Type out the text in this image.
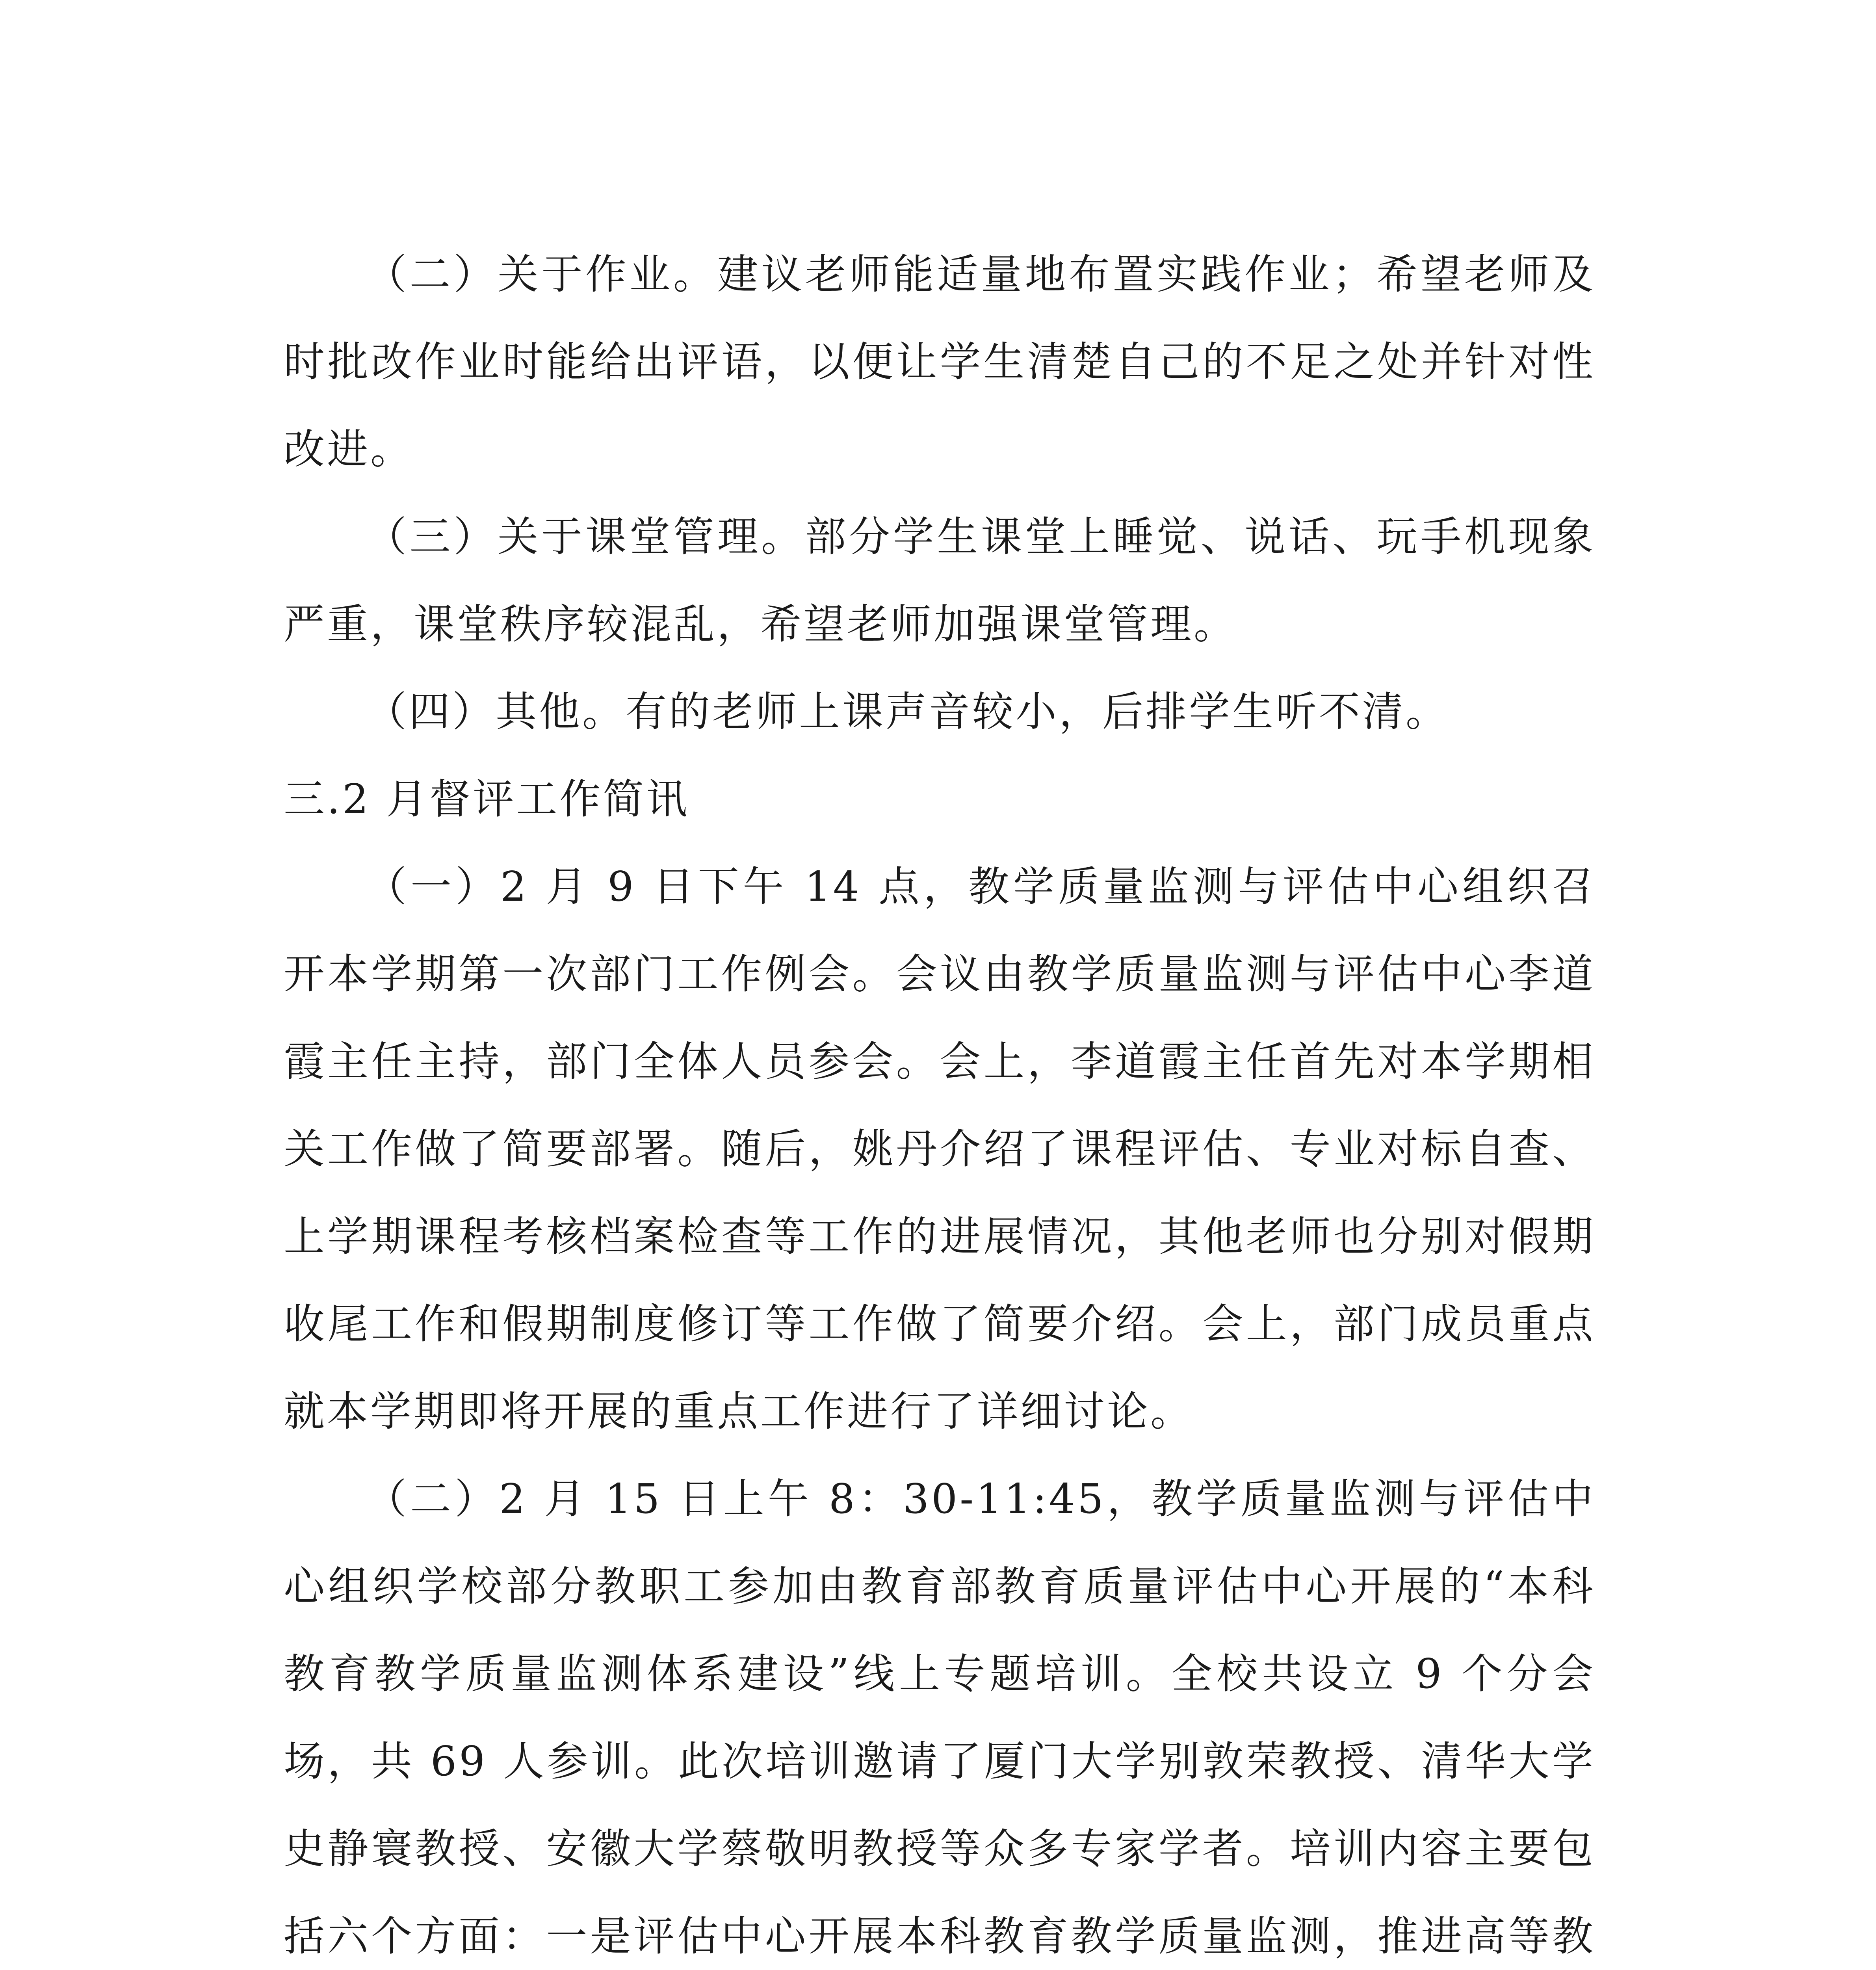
（二）关于作业。建议老师能适量地布置实践作业；希望老师及时批改作业时能给出评语，以便让学生清楚自己的不足之处并针对性改进。

（三）关于课堂管理。部分学生课堂上睡觉、说话、玩手机现象严重，课堂秩序较混乱，希望老师加强课堂管理。

（四）其他。有的老师上课声音较小，后排学生听不清。

三.2 月督评工作简讯

（一）2 月 9 日下午 14 点，教学质量监测与评估中心组织召开本学期第一次部门工作例会。会议由教学质量监测与评估中心李道霞主任主持，部门全体人员参会。会上，李道霞主任首先对本学期相关工作做了简要部署。随后，姚丹介绍了课程评估、专业对标自查、上学期课程考核档案检查等工作的进展情况，其他老师也分别对假期收尾工作和假期制度修订等工作做了简要介绍。会上，部门成员重点就本学期即将开展的重点工作进行了详细讨论。

（二）2 月 15 日上午 8：30-11:45，教学质量监测与评估中心组织学校部分教职工参加由教育部教育质量评估中心开展的“本科教育教学质量监测体系建设”线上专题培训。全校共设立 9 个分会场，共 69 人参训。此次培训邀请了厦门大学别敦荣教授、清华大学史静寰教授、安徽大学蔡敬明教授等众多专家学者。培训内容主要包括六个方面：一是评估中心开展本科教育教学质量监测，推进高等教
